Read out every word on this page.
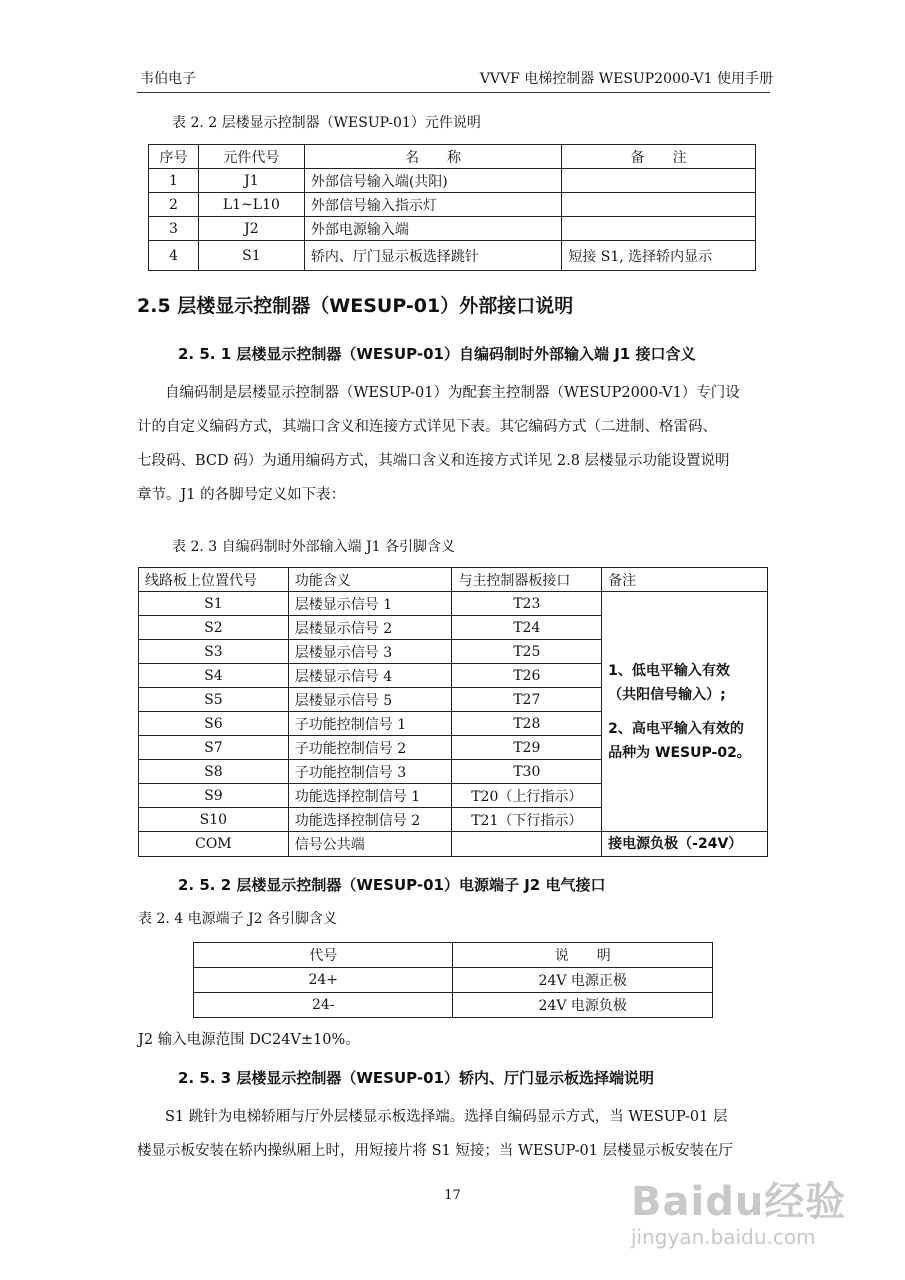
韦伯电子	VVVF 电梯控制器 WESUP2000-V1 使用手册
表 2. 2 层楼显示控制器（WESUP-01）元件说明
序号	元件代号	名　　称	备　　注
1	J1	外部信号输入端(共阳)	
2	L1~L10	外部信号输入指示灯	
3	J2	外部电源输入端	
4	S1	轿内、厅门显示板选择跳针	短接 S1, 选择轿内显示
2.5 层楼显示控制器（WESUP-01）外部接口说明
2. 5. 1 层楼显示控制器（WESUP-01）自编码制时外部输入端 J1 接口含义

自编码制是层楼显示控制器（WESUP-01）为配套主控制器（WESUP2000-V1）专门设

计的自定义编码方式，其端口含义和连接方式详见下表。其它编码方式（二进制、格雷码、

七段码、BCD 码）为通用编码方式，其端口含义和连接方式详见 2.8 层楼显示功能设置说明

章节。J1 的各脚号定义如下表：

表 2. 3 自编码制时外部输入端 J1 各引脚含义
线路板上位置代号	功能含义	与主控制器板接口	备注
S1	层楼显示信号 1	T23	1、低电平输入有效
（共阳信号输入）;
2、高电平输入有效的
品种为 WESUP-02。

S2	层楼显示信号 2	T24	
S3	层楼显示信号 3	T25	
S4	层楼显示信号 4	T26	
S5	层楼显示信号 5	T27	
S6	子功能控制信号 1	T28	
S7	子功能控制信号 2	T29	
S8	子功能控制信号 3	T30	
S9	功能选择控制信号 1	T20（上行指示）	
S10	功能选择控制信号 2	T21（下行指示）	
COM	信号公共端		接电源负极（-24V）
2. 5. 2 层楼显示控制器（WESUP-01）电源端子 J2 电气接口
表 2. 4 电源端子 J2 各引脚含义
代号	说　　明
24+	24V 电源正极
24-	24V 电源负极
J2 输入电源范围 DC24V±10%。
2. 5. 3 层楼显示控制器（WESUP-01）轿内、厅门显示板选择端说明

S1 跳针为电梯轿厢与厅外层楼显示板选择端。选择自编码显示方式，当 WESUP-01 层

楼显示板安装在轿内操纵厢上时，用短接片将 S1 短接；当 WESUP-01 层楼显示板安装在厅

17	Baidu经验
jingyan.baidu.com
